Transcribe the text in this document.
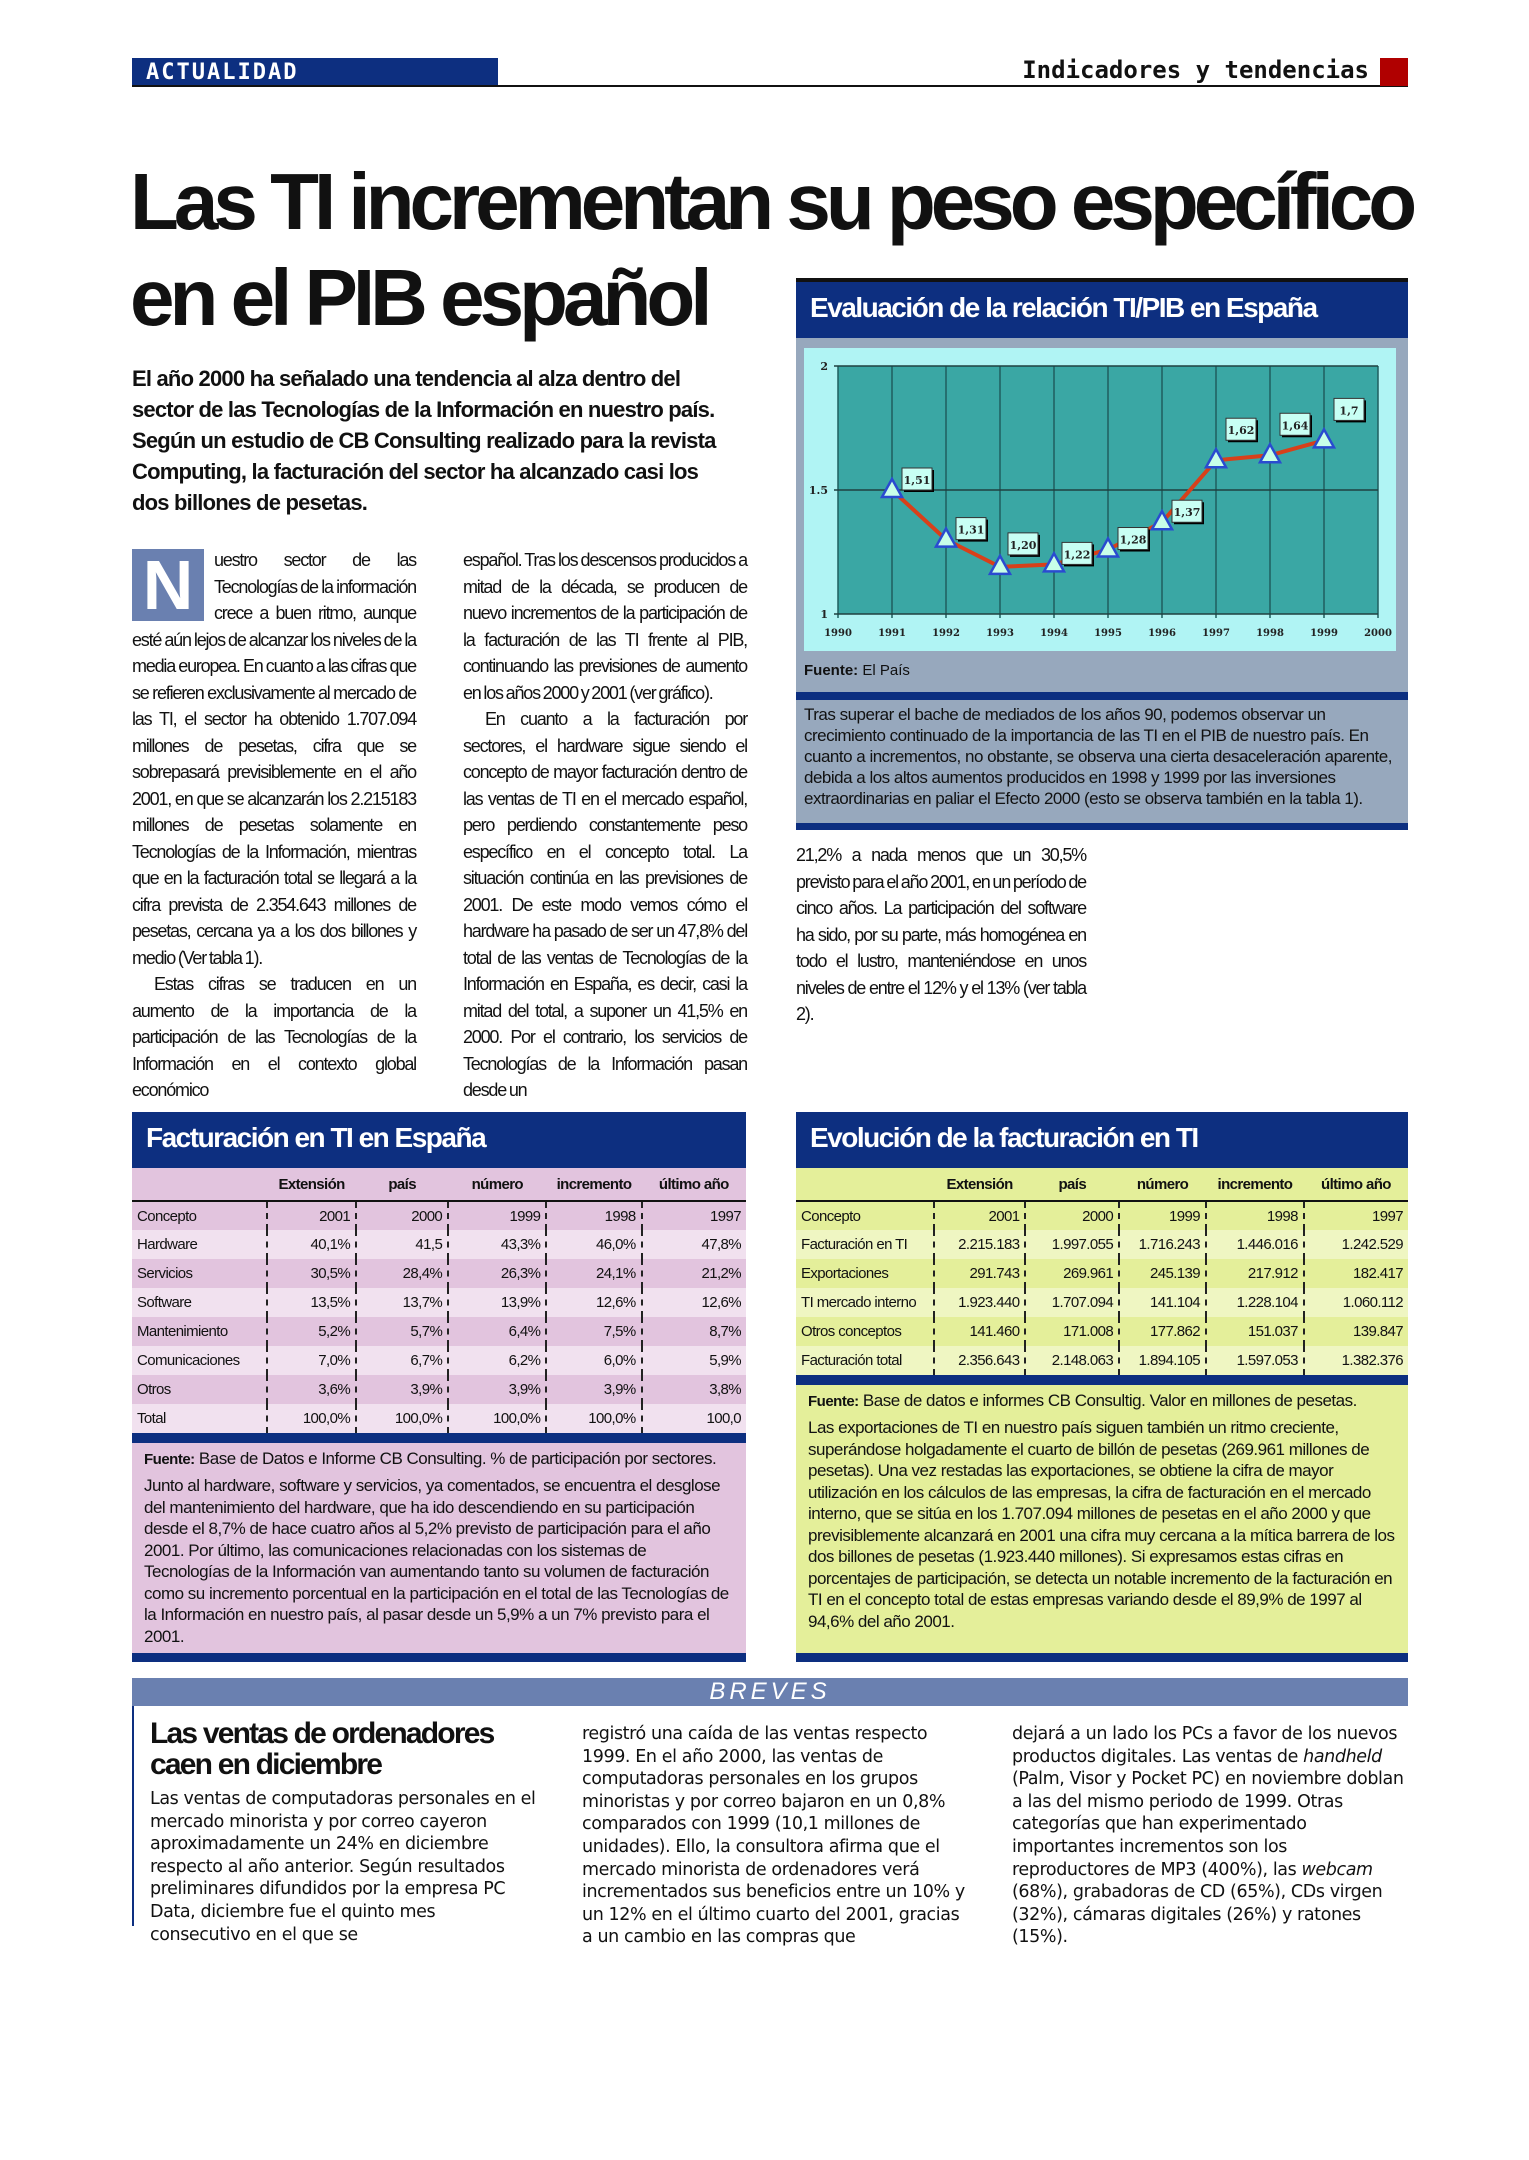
ACTUALIDAD	Indicadores y tendencias
Las TI incrementan su peso específico
en el PIB español

El año 2000 ha señalado una tendencia al alza dentro del sector de las Tecnologías de la Información en nuestro país. Según un estudio de CB Consulting realizado para la revista Computing, la facturación del sector ha alcanzado casi los dos billones de pesetas.

N	uestro sector de las Tecnologías de la información crece a buen ritmo, aunque esté aún lejos de alcanzar los niveles de la media europea. En cuanto a las cifras que se refieren exclusivamente al mercado de las TI, el sector ha obtenido 1.707.094 millones de pesetas, cifra que se sobrepasará previsiblemente en el año 2001, en que se alcanzarán los 2.215183 millones de pesetas solamente en Tecnologías de la Información, mientras que en la facturación total se llegará a la cifra prevista de 2.354.643 millones de pesetas, cercana ya a los dos billones y medio (Ver tabla 1).

Estas cifras se traducen en un aumento de la importancia de la participación de las Tecnologías de la Información en el contexto global económico

español. Tras los descensos producidos a mitad de la década, se producen de nuevo incrementos de la participación de la facturación de las TI frente al PIB, continuando las previsiones de aumento en los años 2000 y 2001 (ver gráfico).

En cuanto a la facturación por sectores, el hardware sigue siendo el concepto de mayor facturación dentro de las ventas de TI en el mercado español, pero perdiendo constantemente peso específico en el concepto total. La situación continúa en las previsiones de 2001. De este modo vemos cómo el hardware ha pasado de ser un 47,8% del total de las ventas de Tecnologías de la Información en España, es decir, casi la mitad del total, a suponer un 41,5% en 2000. Por el contrario, los servicios de Tecnologías de la Información pasan desde un

21,2% a nada menos que un 30,5% previsto para el año 2001, en un período de cinco años. La participación del software ha sido, por su parte, más homogénea en todo el lustro, manteniéndose en unos niveles de entre el 12% y el 13% (ver tabla 2).

Evaluación de la relación TI/PIB en España
1990	1991	1992	1993	1994	1995	1996	1997	1998	1999	2000
1
1.5
2
1,51
1,31
1,20
1,22
1,28
1,37
1,62 1,64
1,7
Fuente: El País

Tras superar el bache de mediados de los años 90, podemos observar un crecimiento continuado de la importancia de las TI en el PIB de nuestro país. En cuanto a incrementos, no obstante, se observa una cierta desaceleración aparente, debida a los altos aumentos producidos en 1998 y 1999 por las inversiones extraordinarias en paliar el Efecto 2000 (esto se observa también en la tabla 1).

Facturación en TI en España
	Extensión	país	número	incremento	último año
Concepto	2001	2000	1999	1998	1997
Hardware	40,1%	41,5	43,3%	46,0%	47,8%
Servicios	30,5%	28,4%	26,3%	24,1%	21,2%
Software	13,5%	13,7%	13,9%	12,6%	12,6%
Mantenimiento	5,2%	5,7%	6,4%	7,5%	8,7%
Comunicaciones	7,0%	6,7%	6,2%	6,0%	5,9%
Otros	3,6%	3,9%	3,9%	3,9%	3,8%
Total	100,0%	100,0%	100,0%	100,0%	100,0
Fuente: Base de Datos e Informe CB Consulting. % de participación por sectores.

Junto al hardware, software y servicios, ya comentados, se encuentra el desglose del mantenimiento del hardware, que ha ido descendiendo en su participación desde el 8,7% de hace cuatro años al 5,2% previsto de participación para el año 2001. Por último, las comunicaciones relacionadas con los sistemas de Tecnologías de la Información van aumentando tanto su volumen de facturación como su incremento porcentual en la participación en el total de las Tecnologías de la Información en nuestro país, al pasar desde un 5,9% a un 7% previsto para el 2001.

Evolución de la facturación en TI
	Extensión	país	número	incremento	último año
Concepto	2001	2000	1999	1998	1997
Facturación en TI	2.215.183	1.997.055	1.716.243	1.446.016	1.242.529
Exportaciones	291.743	269.961	245.139	217.912	182.417
TI mercado interno	1.923.440	1.707.094	141.104	1.228.104	1.060.112
Otros conceptos	141.460	171.008	177.862	151.037	139.847
Facturación total	2.356.643	2.148.063	1.894.105	1.597.053	1.382.376
Fuente: Base de datos e informes CB Consultig. Valor en millones de pesetas.

Las exportaciones de TI en nuestro país siguen también un ritmo creciente, superándose holgadamente el cuarto de billón de pesetas (269.961 millones de pesetas). Una vez restadas las exportaciones, se obtiene la cifra de mayor utilización en los cálculos de las empresas, la cifra de facturación en el mercado interno, que se sitúa en los 1.707.094 millones de pesetas en el año 2000 y que previsiblemente alcanzará en 2001 una cifra muy cercana a la mítica barrera de los dos billones de pesetas (1.923.440 millones). Si expresamos estas cifras en porcentajes de participación, se detecta un notable incremento de la facturación en TI en el concepto total de estas empresas variando desde el 89,9% de 1997 al 94,6% del año 2001.

BREVES
Las ventas de ordenadores caen en diciembre

Las ventas de computadoras personales en el mercado minorista y por correo cayeron aproximadamente un 24% en diciembre respecto al año anterior. Según resultados preliminares difundidos por la empresa PC Data, diciembre fue el quinto mes consecutivo en el que se

registró una caída de las ventas respecto 1999. En el año 2000, las ventas de computadoras personales en los grupos minoristas y por correo bajaron en un 0,8% comparados con 1999 (10,1 millones de unidades). Ello, la consultora afirma que el mercado minorista de ordenadores verá incrementados sus beneficios entre un 10% y un 12% en el último cuarto del 2001, gracias a un cambio en las compras que

dejará a un lado los PCs a favor de los nuevos productos digitales. Las ventas de handheld (Palm, Visor y Pocket PC) en noviembre doblan a las del mismo periodo de 1999. Otras categorías que han experimentado importantes incrementos son los reproductores de MP3 (400%), las webcam (68%), grabadoras de CD (65%), CDs virgen (32%), cámaras digitales (26%) y ratones (15%).
